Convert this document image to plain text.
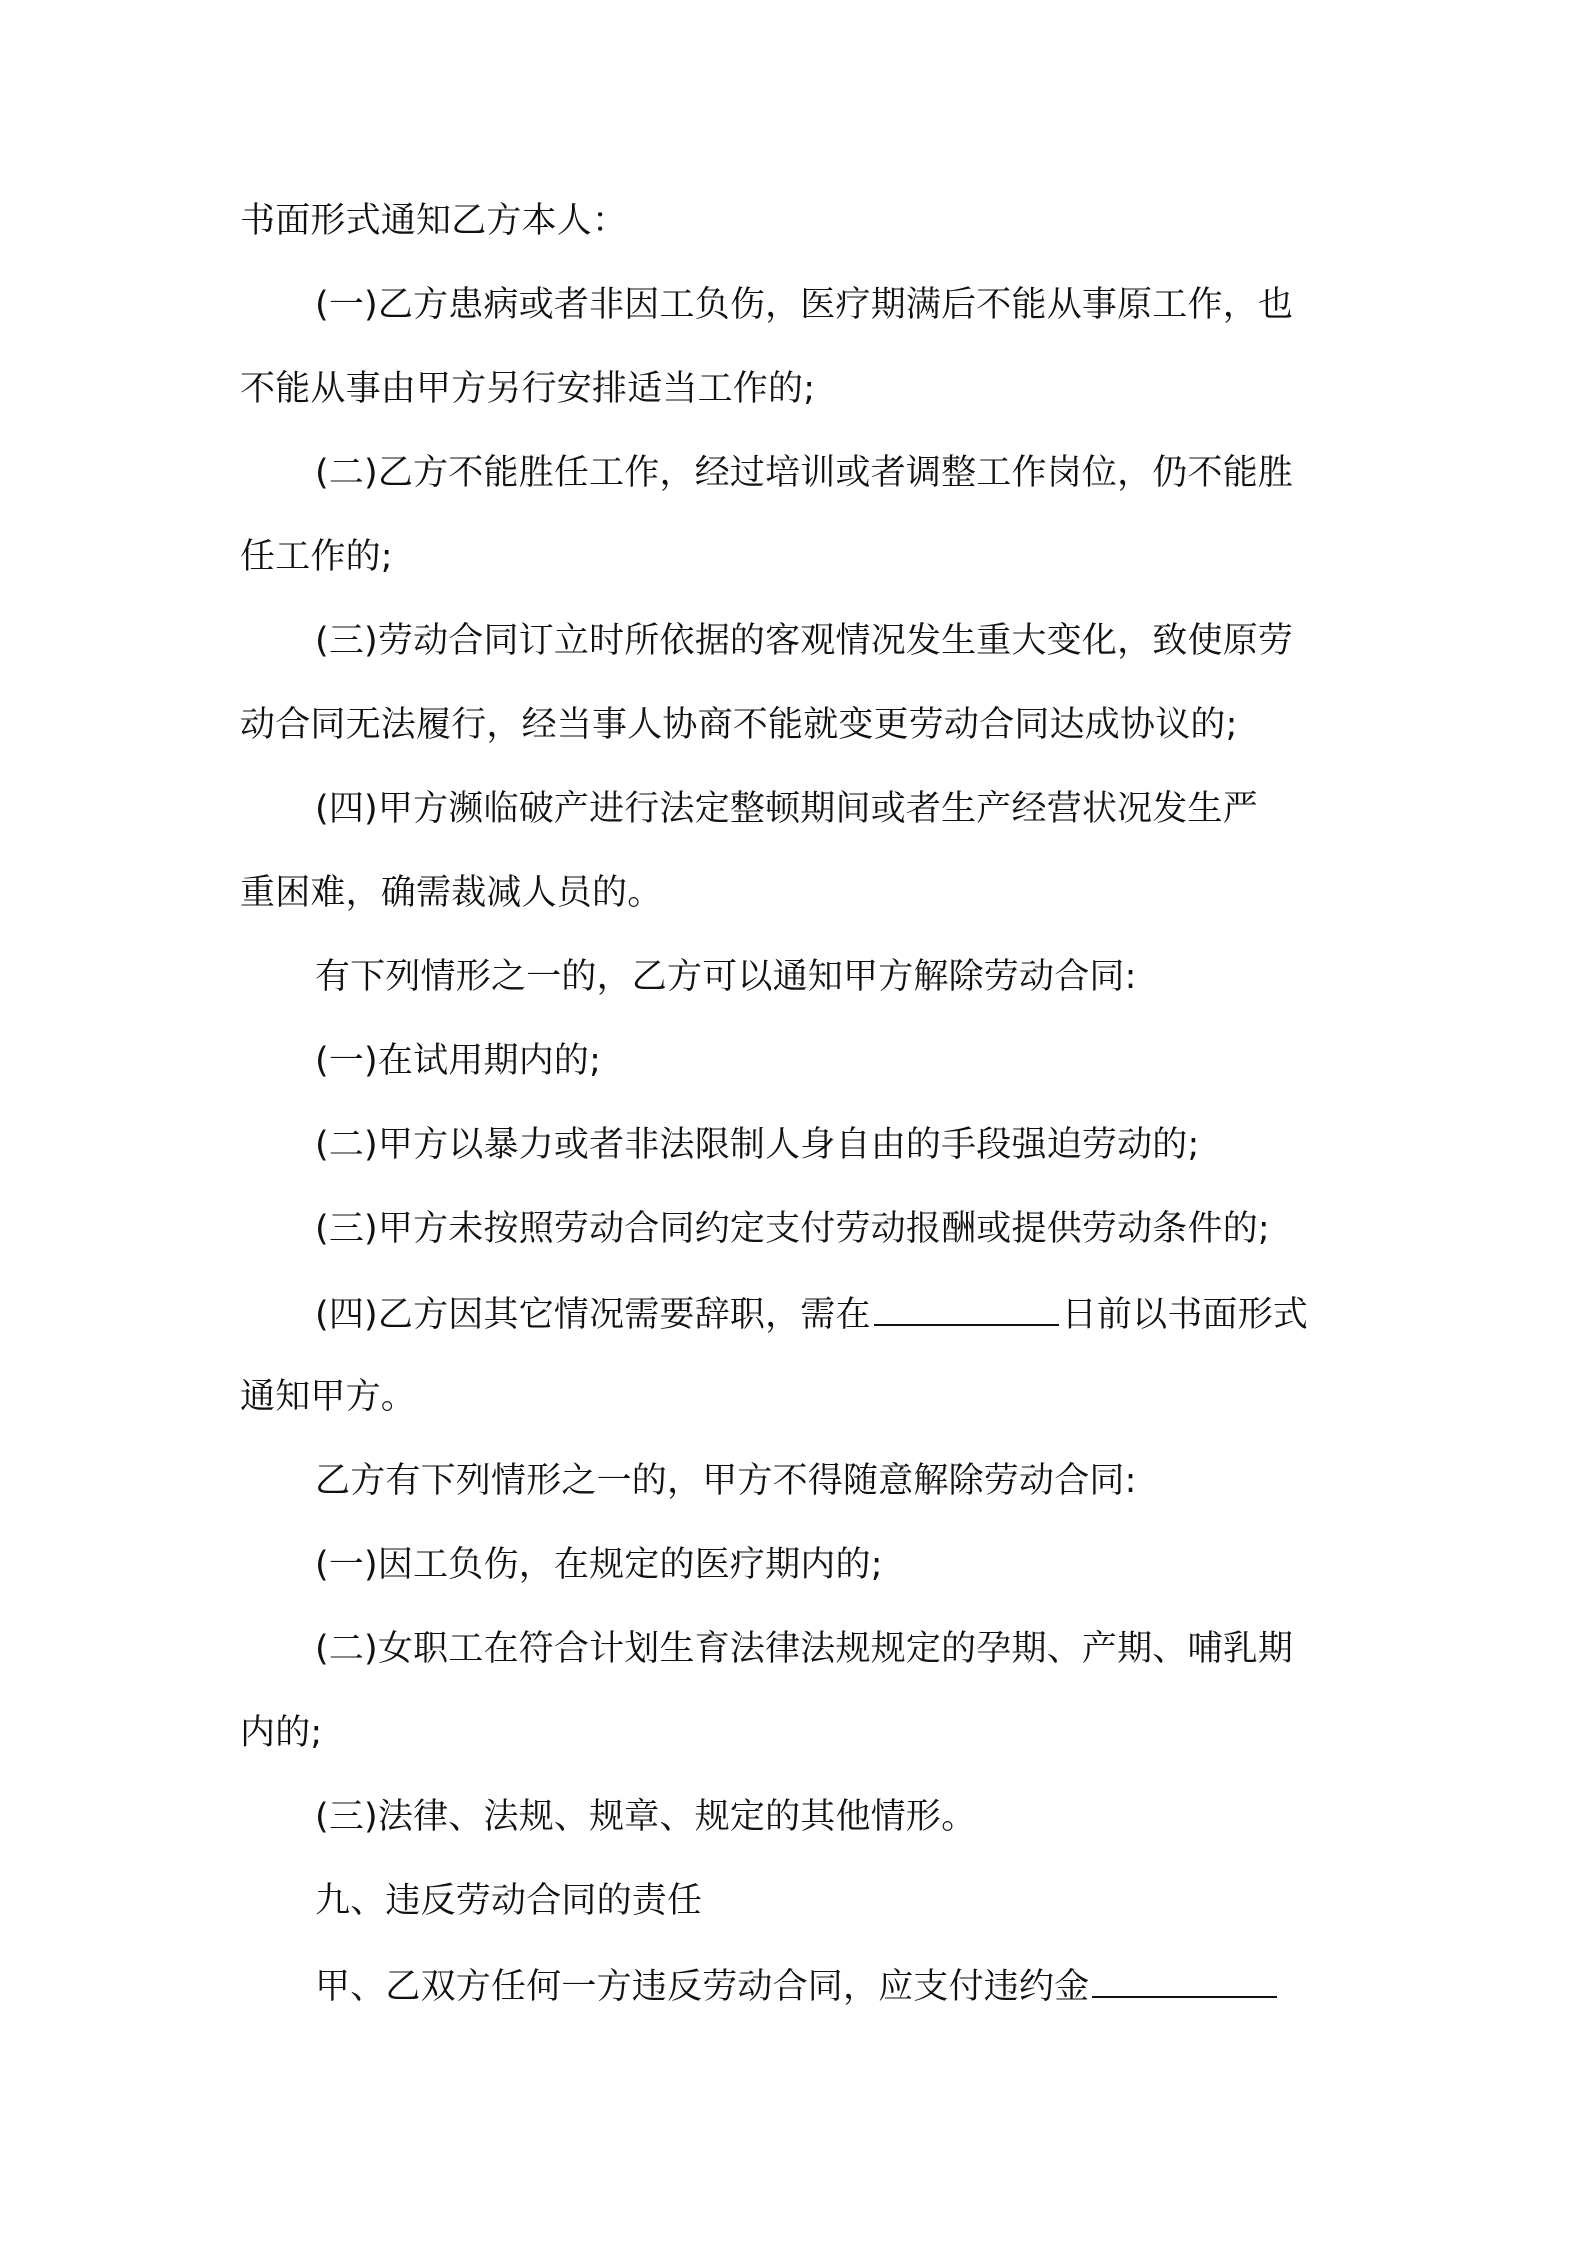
书面形式通知乙方本人：
(一)乙方患病或者非因工负伤，医疗期满后不能从事原工作，也
不能从事由甲方另行安排适当工作的;
(二)乙方不能胜任工作，经过培训或者调整工作岗位，仍不能胜
任工作的;
(三)劳动合同订立时所依据的客观情况发生重大变化，致使原劳
动合同无法履行，经当事人协商不能就变更劳动合同达成协议的;
(四)甲方濒临破产进行法定整顿期间或者生产经营状况发生严
重困难，确需裁减人员的。
有下列情形之一的，乙方可以通知甲方解除劳动合同:
(一)在试用期内的;
(二)甲方以暴力或者非法限制人身自由的手段强迫劳动的;
(三)甲方未按照劳动合同约定支付劳动报酬或提供劳动条件的;
(四)乙方因其它情况需要辞职，需在	日前以书面形式
通知甲方。
乙方有下列情形之一的，甲方不得随意解除劳动合同:
(一)因工负伤，在规定的医疗期内的;
(二)女职工在符合计划生育法律法规规定的孕期、产期、哺乳期
内的;
(三)法律、法规、规章、规定的其他情形。
九、违反劳动合同的责任
甲、乙双方任何一方违反劳动合同，应支付违约金
